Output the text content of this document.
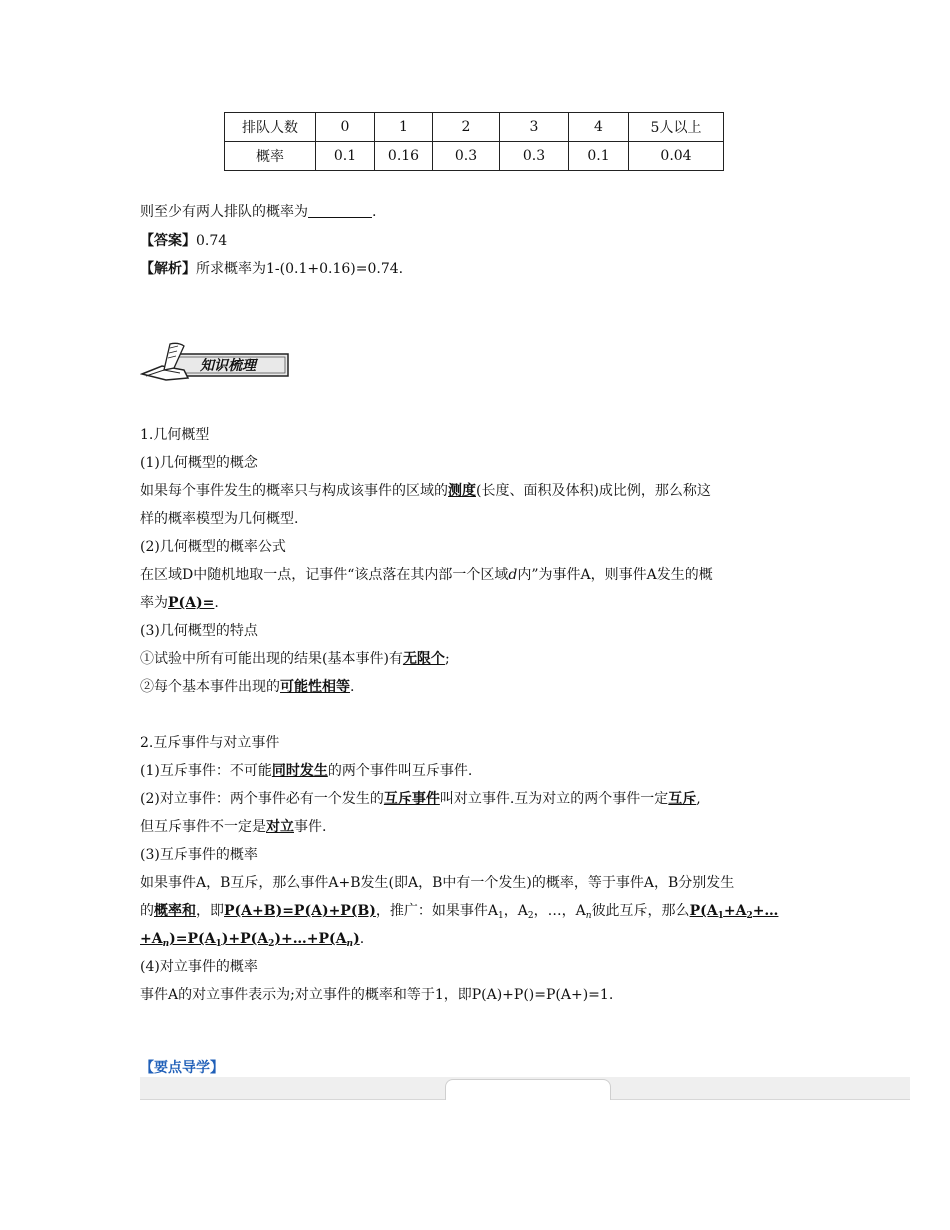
排队人数	0	1	2	3	4	5人以上
概率	0.1	0.16	0.3	0.3	0.1	0.04
则至少有两人排队的概率为	.
【答案】0.74
【解析】所求概率为1-(0.1+0.16)=0.74.
知识梳理
1.几何概型
(1)几何概型的概念
如果每个事件发生的概率只与构成该事件的区域的测度(长度、面积及体积)成比例，那么称这
样的概率模型为几何概型.
(2)几何概型的概率公式
在区域D中随机地取一点，记事件“该点落在其内部一个区域d内”为事件A，则事件A发生的概
率为P(A)=.
(3)几何概型的特点
①试验中所有可能出现的结果(基本事件)有无限个;
②每个基本事件出现的可能性相等.
2.互斥事件与对立事件
(1)互斥事件：不可能同时发生的两个事件叫互斥事件.
(2)对立事件：两个事件必有一个发生的互斥事件叫对立事件.互为对立的两个事件一定互斥,
但互斥事件不一定是对立事件.
(3)互斥事件的概率
如果事件A，B互斥，那么事件A+B发生(即A，B中有一个发生)的概率，等于事件A，B分别发生
的概率和，即P(A+B)=P(A)+P(B)，推广：如果事件$A_1$，$A_2$，…，$A_n$彼此互斥，那么$P(A_1+A_2+\dots$
$+A_n)=P(A_1)+P(A_2)+\dots+P(A_n)$.
(4)对立事件的概率
事件A的对立事件表示为;对立事件的概率和等于1，即P(A)+P()=P(A+)=1.
【要点导学】
